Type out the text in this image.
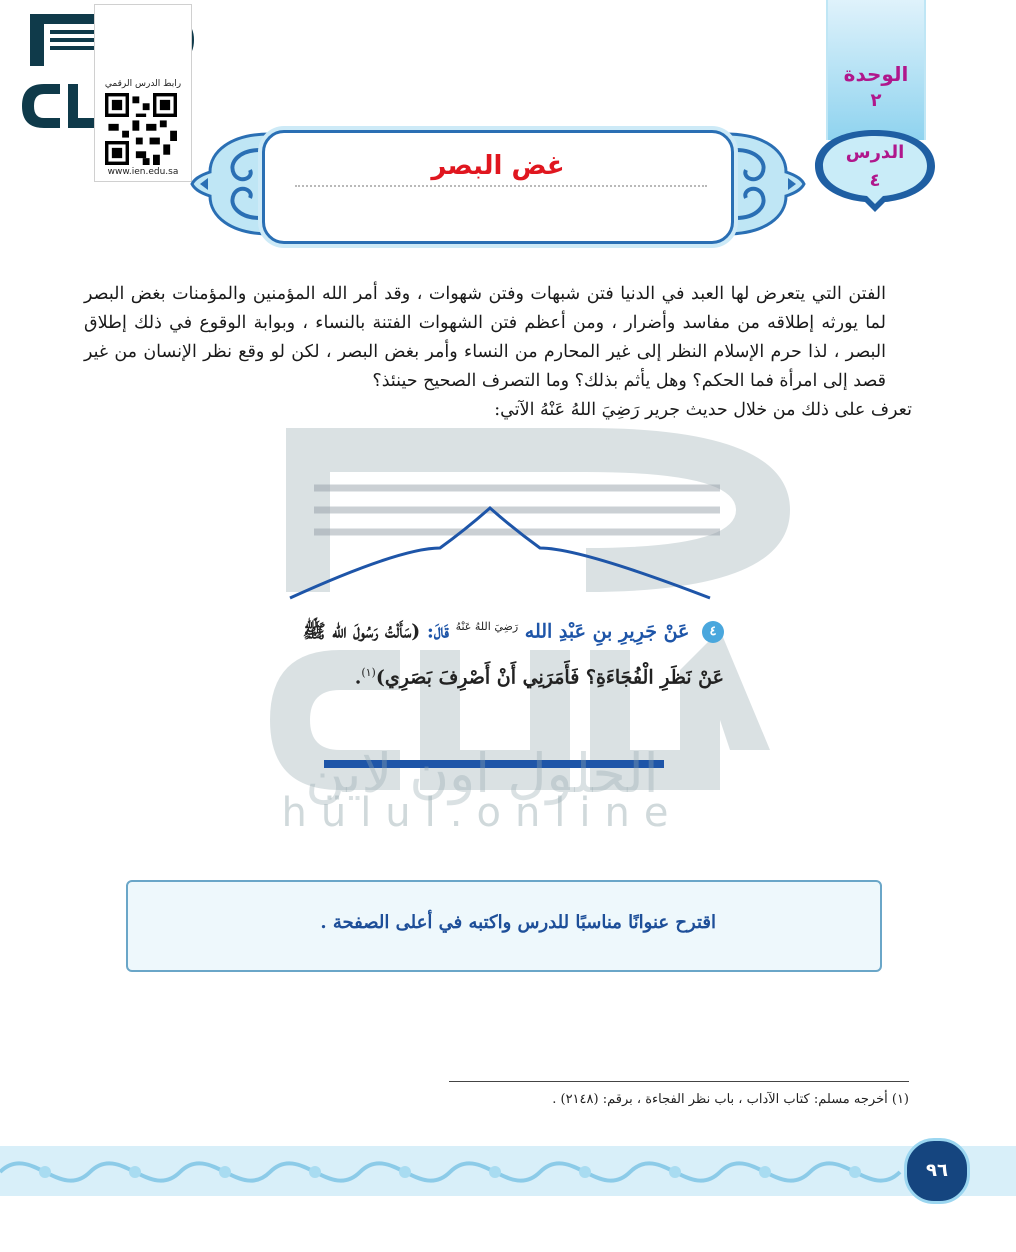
الحلول اون لاين
hülul.online
رابط الدرس الرقمي
www.ien.edu.sa
الوحدة
٢
الدرس
٤
غض البصر

الفتن التي يتعرض لها العبد في الدنيا فتن شبهات وفتن شهوات ، وقد أمر الله المؤمنين والمؤمنات بغض البصر لما يورثه إطلاقه من مفاسد وأضرار ، ومن أعظم فتن الشهوات الفتنة بالنساء ، وبوابة الوقوع في ذلك إطلاق البصر ، لذا حرم الإسلام النظر إلى غير المحارم من النساء وأمر بغض البصر ، لكن لو وقع نظر الإنسان من غير قصد إلى امرأة فما الحكم؟ وهل يأثم بذلك؟ وما التصرف الصحيح حينئذ؟

تعرف على ذلك من خلال حديث جرير رَضِيَ اللهُ عَنْهُ الآتي:

٤ عَنْ جَرِيرِ بنِ عَبْدِ الله $^{رَضِيَ اللهُ عَنْهُ}$ قَالَ: (سَأَلْتُ رَسُولَ الله ﷺ
عَنْ نَظَرِ الْفُجَاءَةِ؟ فَأَمَرَنِي أَنْ أَصْرِفَ بَصَرِي)$^{(١)}$.
اقترح عنوانًا مناسبًا للدرس واكتبه في أعلى الصفحة .
(١) أخرجه مسلم: كتاب الآداب ، باب نظر الفجاءة ، برقم: (٢١٤٨) .
٩٦
